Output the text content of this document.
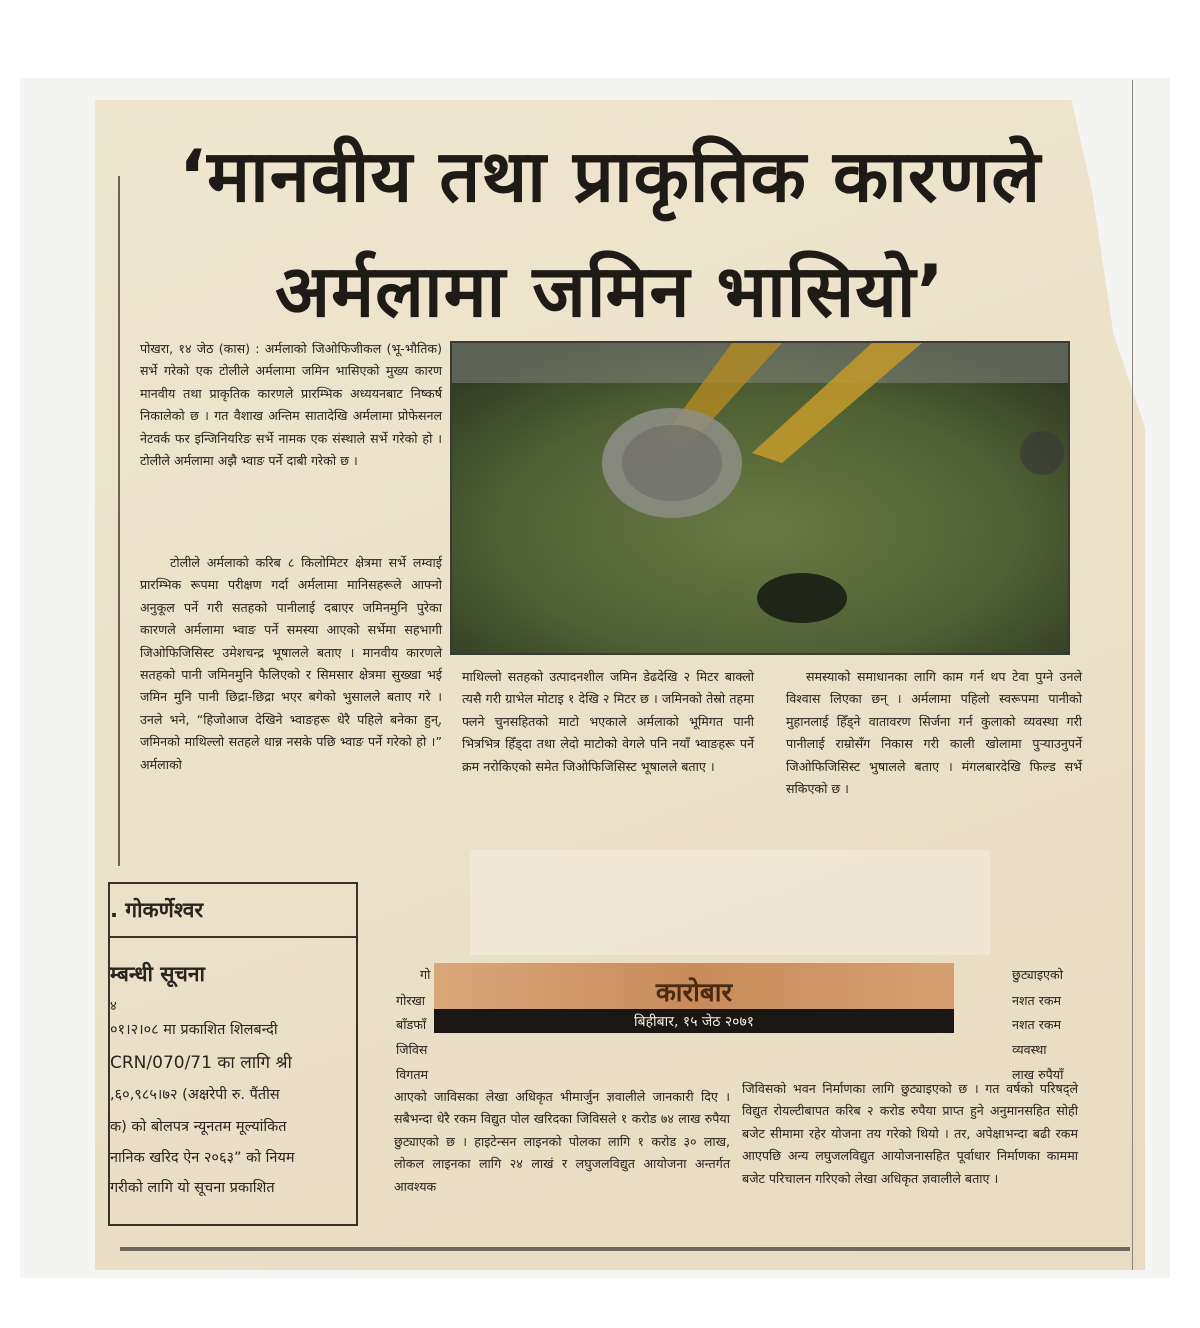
‘मानवीय तथा प्राकृतिक कारणले
अर्मलामा जमिन भासियो’

पोखरा, १४ जेठ (कास) : अर्मलाको जिओफिजीकल (भू-भौतिक) सर्भे गरेको एक टोलीले अर्मलामा जमिन भासिएको मुख्य कारण मानवीय तथा प्राकृतिक कारणले प्रारम्भिक अध्ययनबाट निष्कर्ष निकालेको छ । गत वैशाख अन्तिम सातादेखि अर्मलामा प्रोफेसनल नेटवर्क फर इन्जिनियरिङ सर्भे नामक एक संस्थाले सर्भे गरेको हो । टोलीले अर्मलामा अझै भ्वाङ पर्ने दाबी गरेको छ ।

टोलीले अर्मलाको करिब ८ किलोमिटर क्षेत्रमा सर्भे लम्वाई प्रारम्भिक रूपमा परीक्षण गर्दा अर्मलामा मानिसहरूले आफ्नो अनुकूल पर्ने गरी सतहको पानीलाई दबाएर जमिनमुनि पुरेका कारणले अर्मलामा भ्वाङ पर्ने समस्या आएको सर्भेमा सहभागी जिओफिजिसिस्ट उमेशचन्द्र भूषालले बताए । मानवीय कारणले सतहको पानी जमिनमुनि फैलिएको र सिमसार क्षेत्रमा सुख्खा भई जमिन मुनि पानी छिद्रा-छिद्रा भएर बगेको भुसालले बताए गरे । उनले भने, “हिजोआज देखिने भ्वाङहरू धेरै पहिले बनेका हुन्, जमिनको माथिल्लो सतहले धान्न नसके पछि भ्वाङ पर्ने गरेको हो ।” अर्मलाको

माथिल्लो सतहको उत्पादनशील जमिन डेढदेखि २ मिटर बाक्लो त्यसै गरी ग्राभेल मोटाइ १ देखि २ मिटर छ । जमिनको तेस्रो तहमा फ्लने चुनसहितको माटो भएकाले अर्मलाको भूमिगत पानी भित्रभित्र हिँड्दा तथा लेदो माटोको वेगले पनि नयाँ भ्वाङहरू पर्ने क्रम नरोकिएको समेत जिओफिजिसिस्ट भूषालले बताए ।

समस्याको समाधानका लागि काम गर्न थप टेवा पुग्ने उनले विश्वास लिएका छन् । अर्मलामा पहिलो स्वरूपमा पानीको मुहानलाई हिँड्ने वातावरण सिर्जना गर्न कुलाको व्यवस्था गरी पानीलाई राम्रोसँग निकास गरी काली खोलामा पुर्‍याउनुपर्ने जिओफिजिसिस्ट भुषालले बताए । मंगलबारदेखि फिल्ड सर्भे सकिएको छ ।

. गोकर्णेश्वर

म्बन्धी सूचना

४

०१।२।०८ मा प्रकाशित शिलबन्दी

CRN/070/71 का लागि श्री

,६०,९८५।७२ (अक्षरेपी रु. पैंतीस

क) को बोलपत्र न्यूनतम मूल्यांकित

नानिक खरिद ऐन २०६३” को नियम

गरीको लागि यो सूचना प्रकाशित

कारोबार

बिहीबार, १५ जेठ २०७१

गो

गोरखा

बाँडफाँ

जिविस

विगतम

छुट्याइएको

नशत रकम

नशत रकम

व्यवस्था

लाख रुपैयाँ

आएको जाविसका लेखा अधिकृत भीमार्जुन ज्ञवालीले जानकारी दिए । सबैभन्दा धेरै रकम विद्युत पोल खरिदका जिविसले १ करोड ७४ लाख रुपैया छुट्याएको छ । हाइटेन्सन लाइनको पोलका लागि १ करोड ३० लाख, लोकल लाइनका लागि २४ लाखं र लघुजलविद्युत आयोजना अन्तर्गत आवश्यक

जिविसको भवन निर्माणका लागि छुट्याइएको छ । गत वर्षको परिषद्ले विद्युत रोयल्टीबापत करिब २ करोड रुपैया प्राप्त हुने अनुमानसहित सोही बजेट सीमामा रहेर योजना तय गरेको थियो । तर, अपेक्षाभन्दा बढी रकम आएपछि अन्य लघुजलविद्युत आयोजनासहित पूर्वाधार निर्माणका काममा बजेट परिचालन गरिएको लेखा अधिकृत ज्ञवालीले बताए ।
